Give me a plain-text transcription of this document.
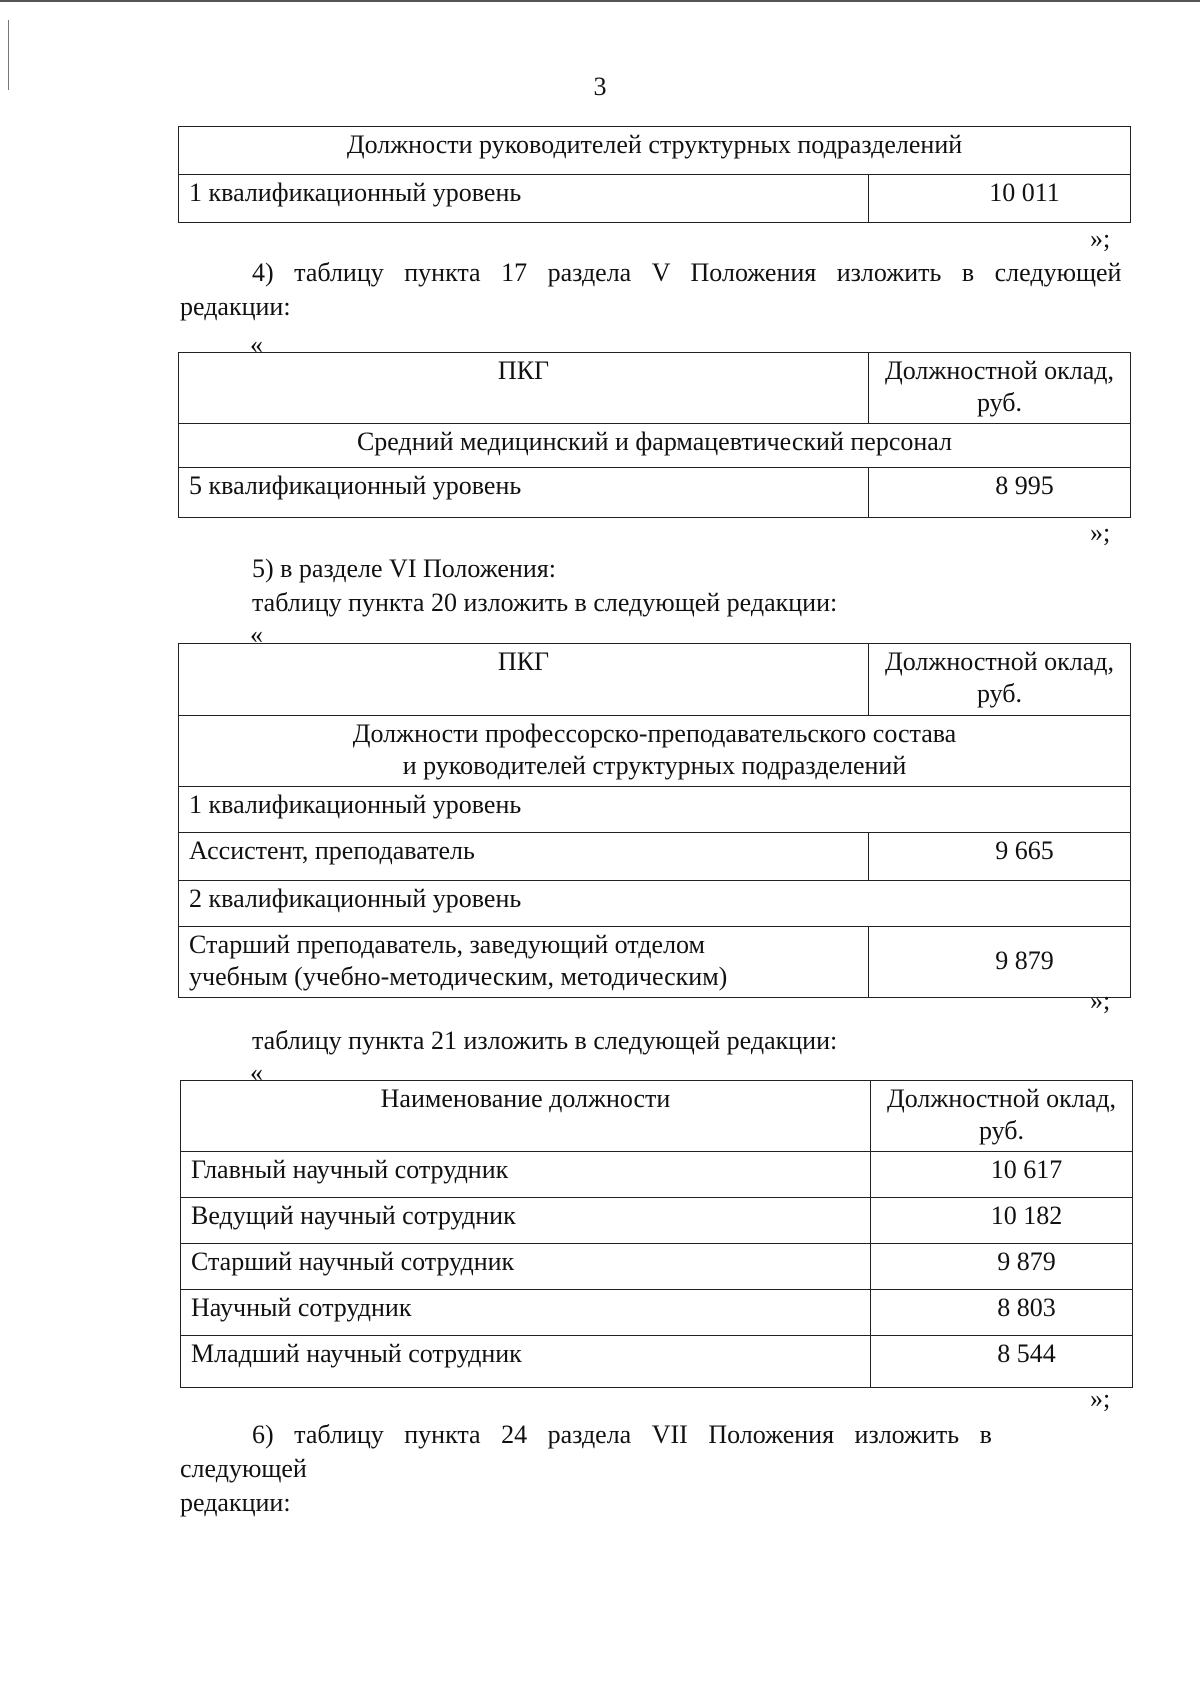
3
Должности руководителей структурных подразделений
1 квалификационный уровень	10 011
»;
4) таблицу пункта 17 раздела V Положения изложить в следующей
редакции:
«
ПКГ	Должностной оклад, руб.
Средний медицинский и фармацевтический персонал	
5 квалификационный уровень	8 995
»;
5) в разделе VI Положения:
таблицу пункта 20 изложить в следующей редакции:
«
ПКГ	Должностной оклад, руб.

Должности профессорско-преподавательского состава
и руководителей структурных подразделений	

1 квалификационный уровень	
Ассистент, преподаватель	9 665
2 квалификационный уровень	

Старший преподаватель, заведующий отделом
учебным (учебно-методическим, методическим)	9 879
»;
таблицу пункта 21 изложить в следующей редакции:
«
Наименование должности	Должностной оклад, руб.
Главный научный сотрудник	10 617
Ведущий научный сотрудник	10 182
Старший научный сотрудник	9 879
Научный сотрудник	8 803
Младший научный сотрудник	8 544
»;
6) таблицу пункта 24 раздела VII Положения изложить в следующей
редакции:
